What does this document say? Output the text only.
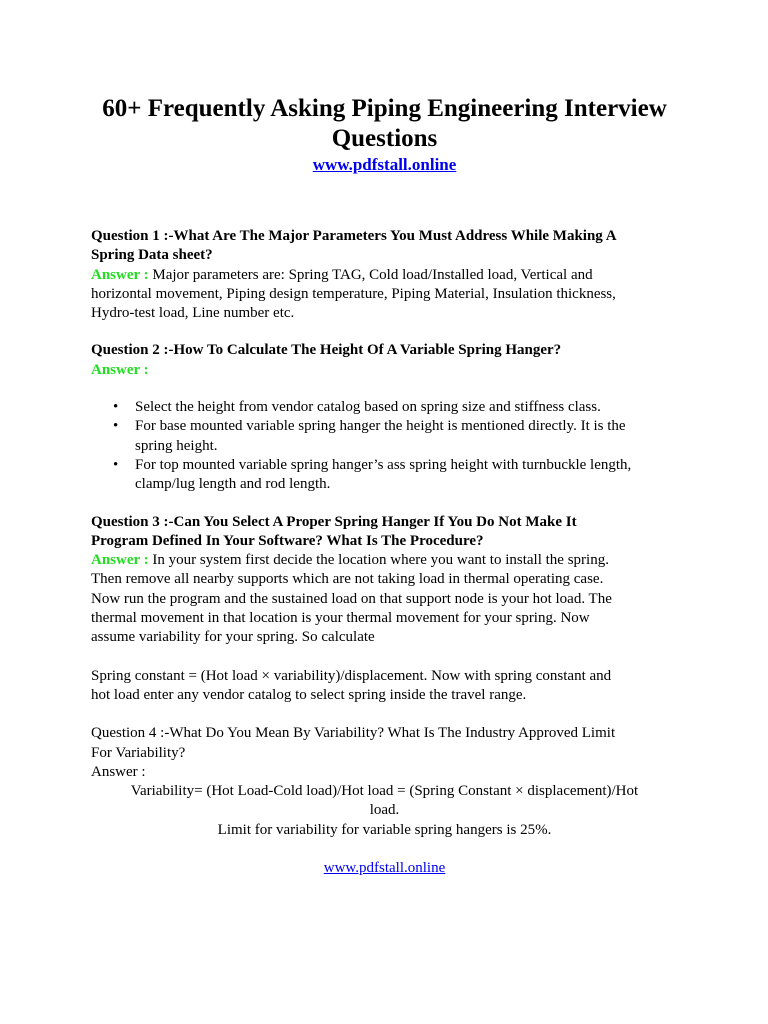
60+ Frequently Asking Piping Engineering Interview
Questions
www.pdfstall.online
Question 1 :-What Are The Major Parameters You Must Address While Making A
Spring Data sheet?
Answer : Major parameters are: Spring TAG, Cold load/Installed load, Vertical and
horizontal movement, Piping design temperature, Piping Material, Insulation thickness,
Hydro-test load, Line number etc.
Question 2 :-How To Calculate The Height Of A Variable Spring Hanger?
Answer :
• Select the height from vendor catalog based on spring size and stiffness class.
• For base mounted variable spring hanger the height is mentioned directly. It is the
spring height.
• For top mounted variable spring hanger’s ass spring height with turnbuckle length,
clamp/lug length and rod length.
Question 3 :-Can You Select A Proper Spring Hanger If You Do Not Make It
Program Defined In Your Software? What Is The Procedure?
Answer : In your system first decide the location where you want to install the spring.
Then remove all nearby supports which are not taking load in thermal operating case.
Now run the program and the sustained load on that support node is your hot load. The
thermal movement in that location is your thermal movement for your spring. Now
assume variability for your spring. So calculate
Spring constant = (Hot load × variability)/displacement. Now with spring constant and
hot load enter any vendor catalog to select spring inside the travel range.
Question 4 :-What Do You Mean By Variability? What Is The Industry Approved Limit
For Variability?
Answer :
Variability= (Hot Load-Cold load)/Hot load = (Spring Constant × displacement)/Hot
load.
Limit for variability for variable spring hangers is 25%.
www.pdfstall.online
